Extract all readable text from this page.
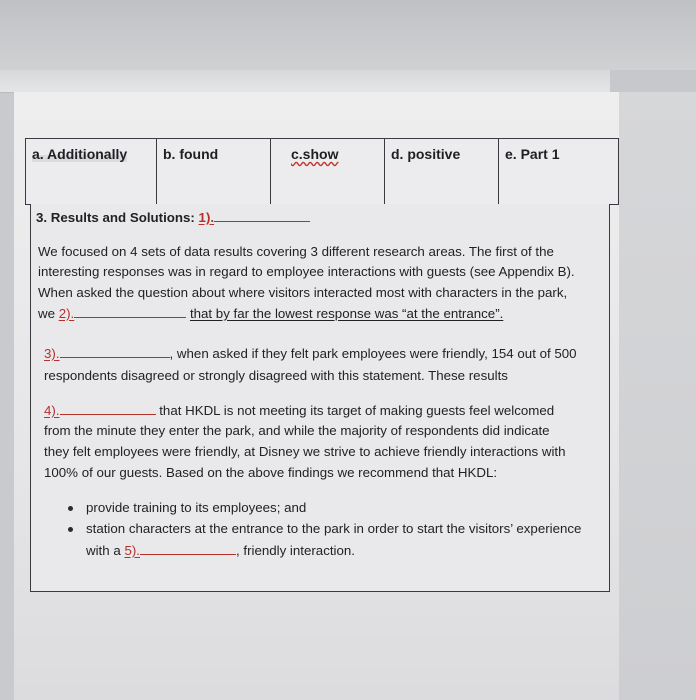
a. Additionally	b. found	c.show	d. positive	e. Part 1
3. Results and Solutions: 1).
We focused on 4 sets of data results covering 3 different research areas. The first of the
interesting responses was in regard to employee interactions with guests (see Appendix B).
When asked the question about where visitors interacted most with characters in the park,
we 2).	that by far the lowest response was “at the entrance”.
3).	, when asked if they felt park employees were friendly, 154 out of 500
respondents disagreed or strongly disagreed with this statement. These results
4).	that HKDL is not meeting its target of making guests feel welcomed
from the minute they enter the park, and while the majority of respondents did indicate
they felt employees were friendly, at Disney we strive to achieve friendly interactions with
100% of our guests. Based on the above findings we recommend that HKDL:
provide training to its employees; and
station characters at the entrance to the park in order to start the visitors’ experience
with a 5).	, friendly interaction.
